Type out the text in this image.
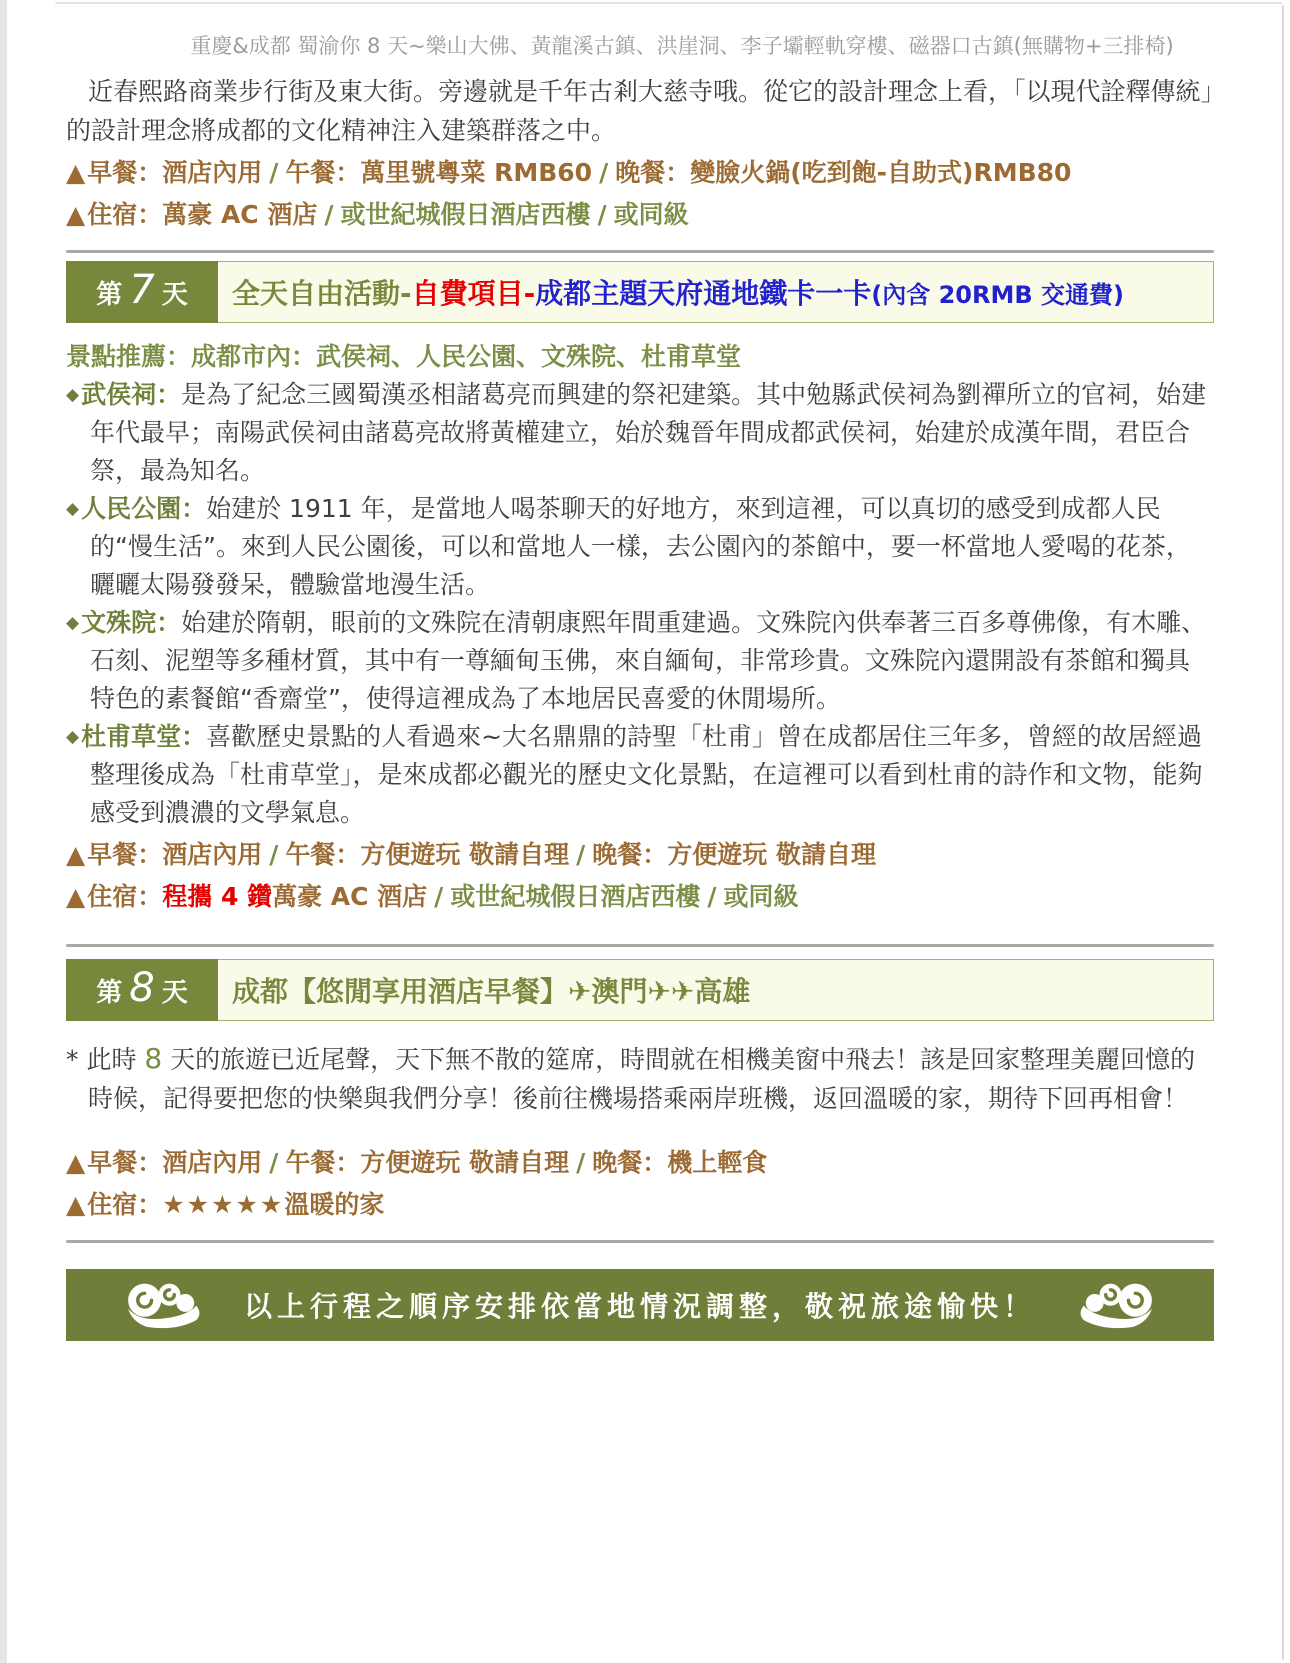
重慶&成都 蜀渝你 8 天~樂山大佛、黃龍溪古鎮、洪崖洞、李子壩輕軌穿樓、磁器口古鎮(無購物+三排椅)

近春熙路商業步行街及東大街。旁邊就是千年古剎大慈寺哦。從它的設計理念上看，「以現代詮釋傳統」的設計理念將成都的文化精神注入建築群落之中。

▲早餐：酒店內用 / 午餐：萬里號粵菜 RMB60 / 晚餐：變臉火鍋(吃到飽-自助式)RMB80
▲住宿：萬豪 AC 酒店 / 或世紀城假日酒店西樓 / 或同級
第 7 天 全天自由活動- 自費項目- 成都主題天府通地鐵卡一卡 (內含 20RMB 交通費)
景點推薦：成都市內：武侯祠、人民公園、文殊院、杜甫草堂

◆武侯祠：是為了紀念三國蜀漢丞相諸葛亮而興建的祭祀建築。其中勉縣武侯祠為劉禪所立的官祠，始建年代最早；南陽武侯祠由諸葛亮故將黃權建立，始於魏晉年間成都武侯祠，始建於成漢年間，君臣合祭，最為知名。

◆人民公園：始建於 1911 年，是當地人喝茶聊天的好地方，來到這裡，可以真切的感受到成都人民的“慢生活”。來到人民公園後，可以和當地人一樣，去公園內的茶館中，要一杯當地人愛喝的花茶，曬曬太陽發發呆，體驗當地漫生活。

◆文殊院：始建於隋朝，眼前的文殊院在清朝康熙年間重建過。文殊院內供奉著三百多尊佛像，有木雕、石刻、泥塑等多種材質，其中有一尊緬甸玉佛，來自緬甸，非常珍貴。文殊院內還開設有茶館和獨具特色的素餐館“香齋堂”，使得這裡成為了本地居民喜愛的休閒場所。

◆杜甫草堂：喜歡歷史景點的人看過來~大名鼎鼎的詩聖「杜甫」曾在成都居住三年多，曾經的故居經過整理後成為「杜甫草堂」，是來成都必觀光的歷史文化景點，在這裡可以看到杜甫的詩作和文物，能夠感受到濃濃的文學氣息。

▲早餐：酒店內用 / 午餐：方便遊玩 敬請自理 / 晚餐：方便遊玩 敬請自理
▲住宿：程攜 4 鑽萬豪 AC 酒店 / 或世紀城假日酒店西樓 / 或同級
第 8 天 成都【悠閒享用酒店早餐】✈澳門✈✈高雄

* 此時 8 天的旅遊已近尾聲，天下無不散的筵席，時間就在相機美窗中飛去！該是回家整理美麗回憶的時候，記得要把您的快樂與我們分享！後前往機場搭乘兩岸班機，返回溫暖的家，期待下回再相會！

▲早餐：酒店內用 / 午餐：方便遊玩 敬請自理 / 晚餐：機上輕食
▲住宿：★★★★★溫暖的家
以上行程之順序安排依當地情況調整，敬祝旅途愉快！
